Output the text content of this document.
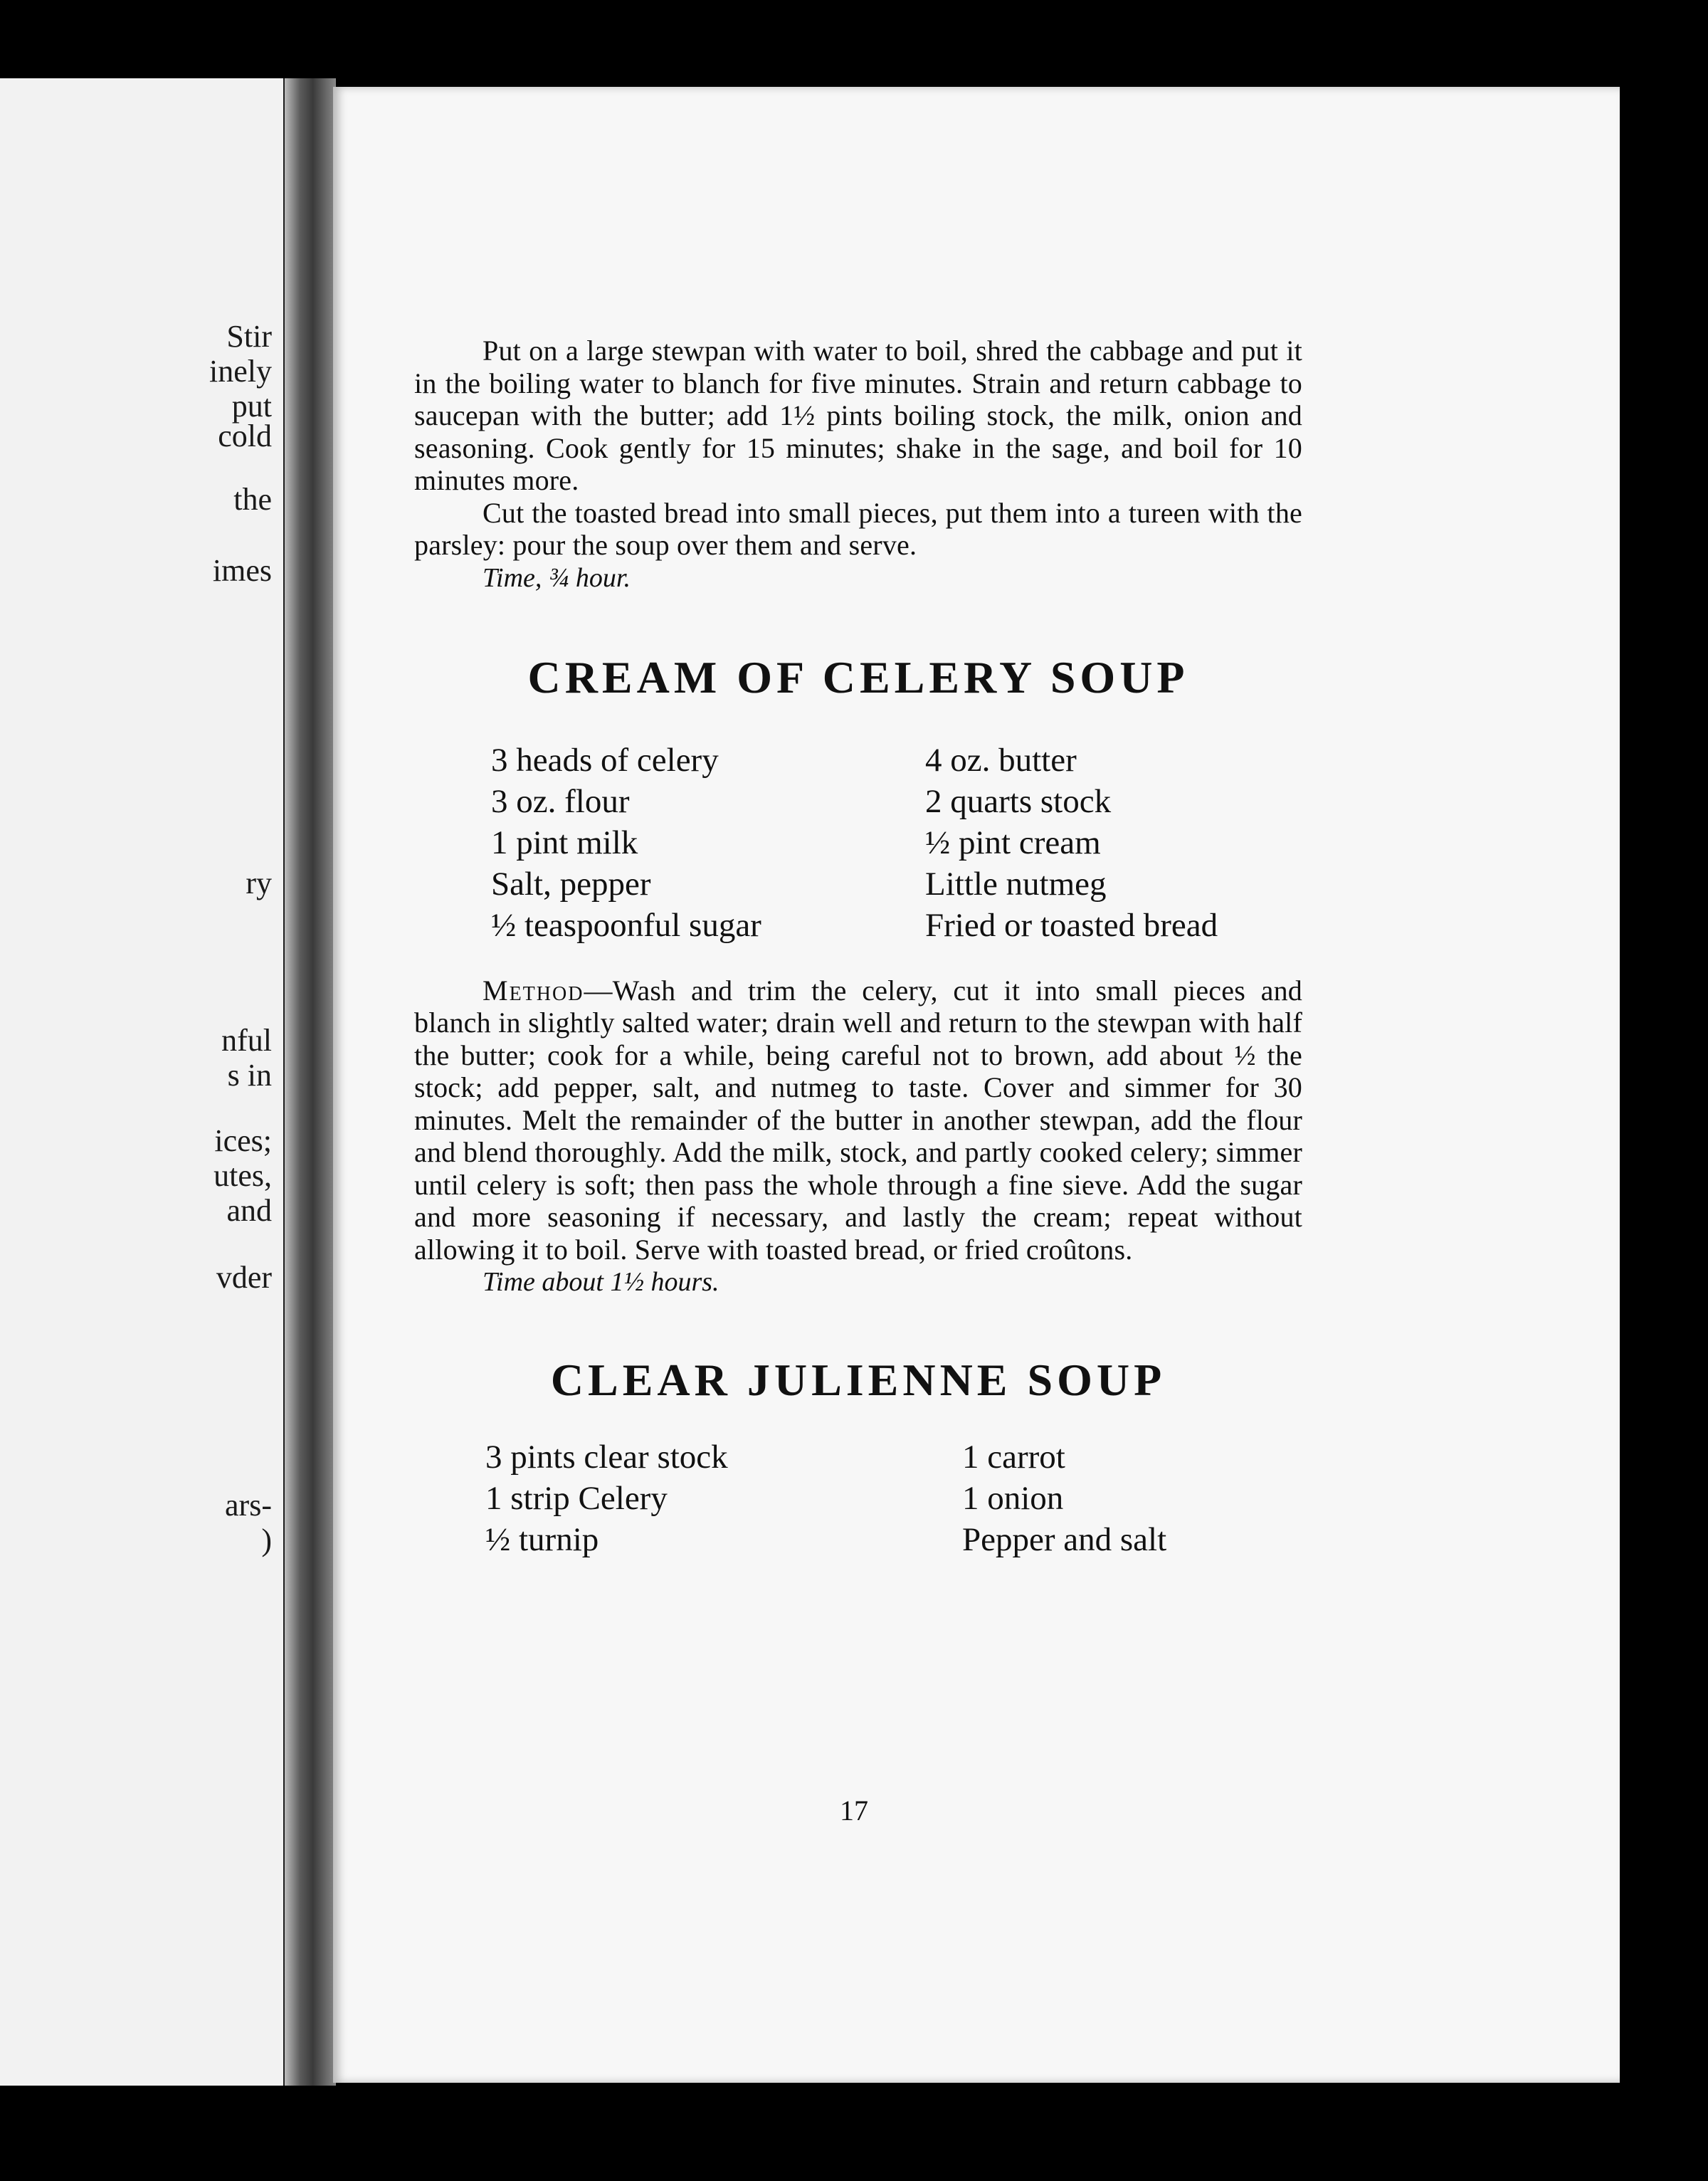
Stir
inely
put
cold
the
imes
ry
nful
s in
ices;
utes,
and
vder
ars-
)

Put on a large stewpan with water to boil, shred the cabbage and put it in the boiling water to blanch for five minutes. Strain and return cabbage to saucepan with the butter; add 1½ pints boiling stock, the milk, onion and seasoning. Cook gently for 15 minutes; shake in the sage, and boil for 10 minutes more.

Cut the toasted bread into small pieces, put them into a tureen with the parsley: pour the soup over them and serve.

Time, ¾ hour.

CREAM OF CELERY SOUP
3 heads of celery	4 oz. butter
3 oz. flour	2 quarts stock
1 pint milk	½ pint cream
Salt, pepper	Little nutmeg
½ teaspoonful sugar	Fried or toasted bread

Method—Wash and trim the celery, cut it into small pieces and blanch in slightly salted water; drain well and return to the stewpan with half the butter; cook for a while, being careful not to brown, add about ½ the stock; add pepper, salt, and nutmeg to taste. Cover and simmer for 30 minutes. Melt the remainder of the butter in another stewpan, add the flour and blend thoroughly. Add the milk, stock, and partly cooked celery; simmer until celery is soft; then pass the whole through a fine sieve. Add the sugar and more seasoning if necessary, and lastly the cream; repeat without allowing it to boil. Serve with toasted bread, or fried croûtons.

Time about 1½ hours.

CLEAR JULIENNE SOUP
3 pints clear stock	1 carrot
1 strip Celery	1 onion
½ turnip	Pepper and salt
17
